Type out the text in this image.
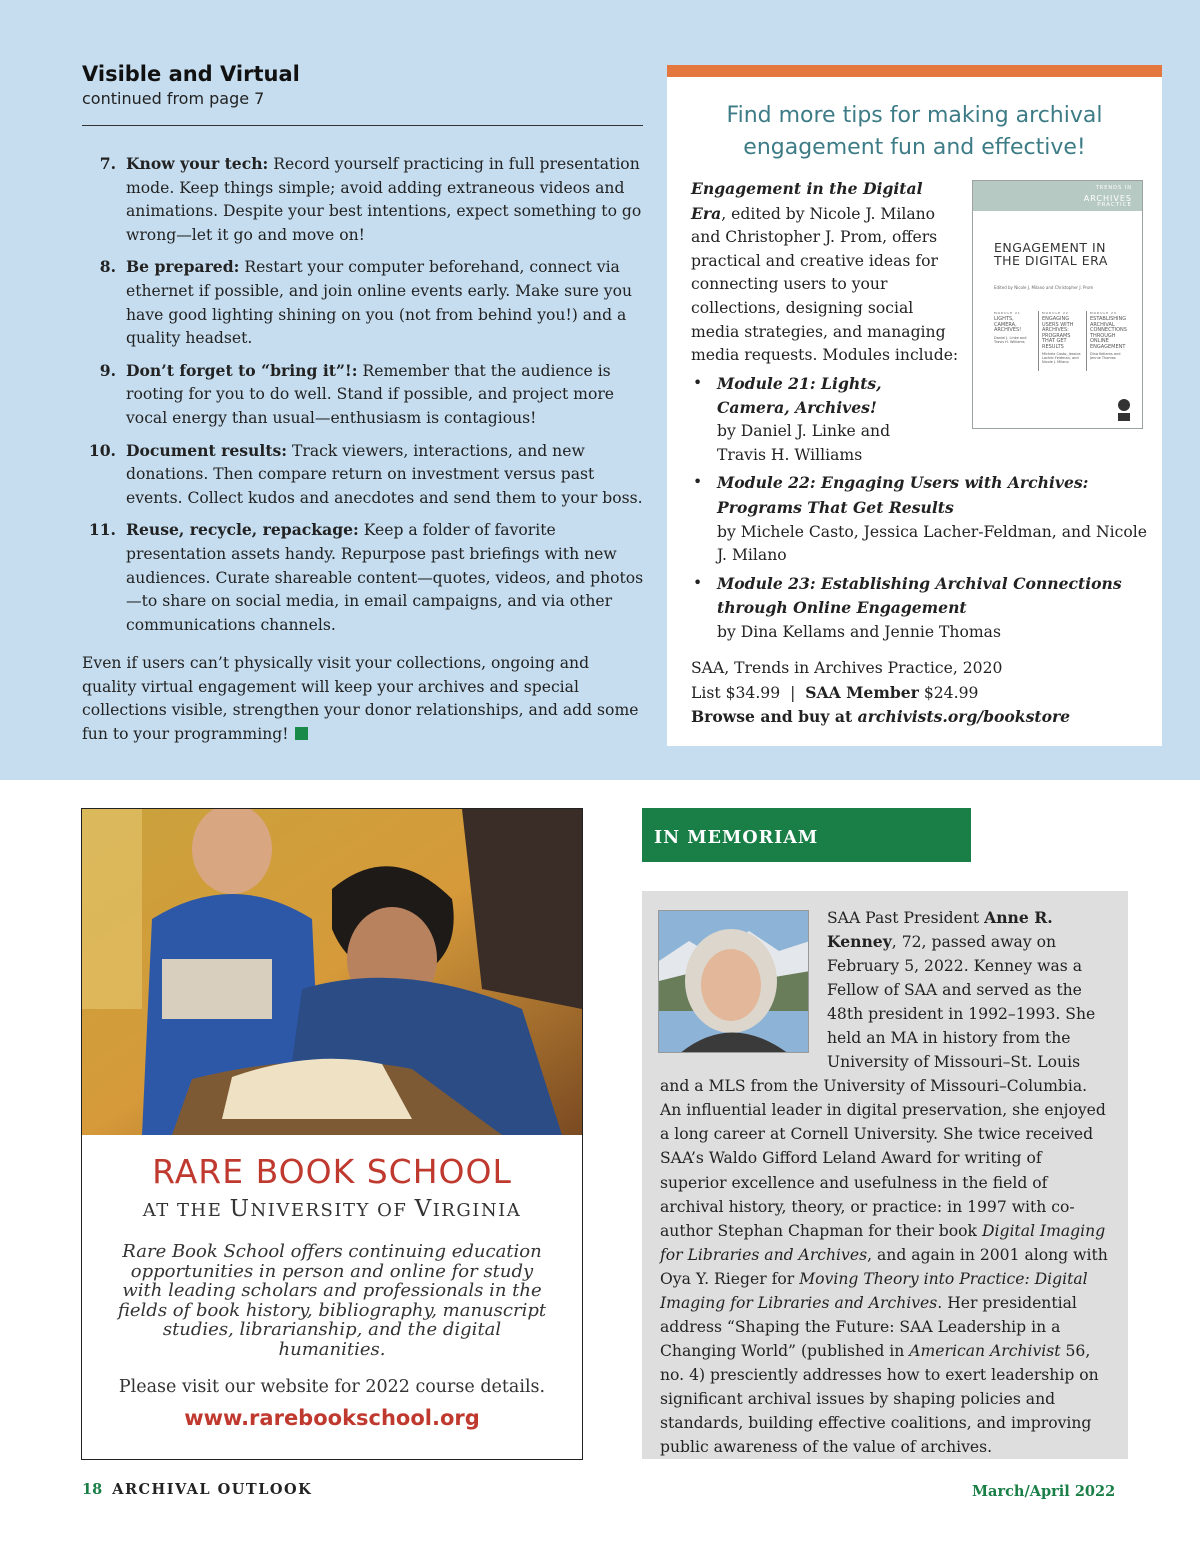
Visible and Virtual
continued from page 7
7. Know your tech: Record yourself practicing in full presentation mode. Keep things simple; avoid adding extraneous videos and animations. Despite your best intentions, expect something to go wrong—let it go and move on!
8. Be prepared: Restart your computer beforehand, connect via ethernet if possible, and join online events early. Make sure you have good lighting shining on you (not from behind you!) and a quality headset.
9. Don’t forget to “bring it”!: Remember that the audience is rooting for you to do well. Stand if possible, and project more vocal energy than usual—enthusiasm is contagious!
10. Document results: Track viewers, interactions, and new donations. Then compare return on investment versus past events. Collect kudos and anecdotes and send them to your boss.
11. Reuse, recycle, repackage: Keep a folder of favorite presentation assets handy. Repurpose past briefings with new audiences. Curate shareable content—quotes, videos, and photos—to share on social media, in email campaigns, and via other communications channels.
Even if users can’t physically visit your collections, ongoing and quality virtual engagement will keep your archives and special collections visible, strengthen your donor relationships, and add some fun to your programming!
Find more tips for making archival
engagement fun and effective!
Engagement in the Digital Era, edited by Nicole J. Milano and Christopher J. Prom, offers practical and creative ideas for connecting users to your collections, designing social media strategies, and managing media requests. Modules include:
TRENDS IN
ARCHIVES
PRACTICE
ENGAGEMENT IN THE DIGITAL ERA
Edited by Nicole J. Milano and Christopher J. Prom
MODULE 21
LIGHTS, CAMERA, ARCHIVES!
Daniel J. Linke and Travis H. Williams
MODULE 22
ENGAGING USERS WITH ARCHIVES: PROGRAMS THAT GET RESULTS
Michele Casto, Jessica Lacher-Feldman, and Nicole J. Milano
MODULE 23
ESTABLISHING ARCHIVAL CONNECTIONS THROUGH ONLINE ENGAGEMENT
Dina Kellams and Jennie Thomas
• Module 21: Lights, Camera, Archives!
by Daniel J. Linke and Travis H. Williams
• Module 22: Engaging Users with Archives: Programs That Get Results
by Michele Casto, Jessica Lacher-Feldman, and Nicole J. Milano
• Module 23: Establishing Archival Connections through Online Engagement
by Dina Kellams and Jennie Thomas
SAA, Trends in Archives Practice, 2020
List $34.99 | SAA Member $24.99
Browse and buy at archivists.org/bookstore
RARE BOOK SCHOOL
AT THE UNIVERSITY OF VIRGINIA
Rare Book School offers continuing education opportunities in person and online for study with leading scholars and professionals in the fields of book history, bibliography, manuscript studies, librarianship, and the digital humanities.
Please visit our website for 2022 course details.
www.rarebookschool.org
IN MEMORIAM
SAA Past President Anne R. Kenney, 72, passed away on February 5, 2022. Kenney was a Fellow of SAA and served as the 48th president in 1992–1993. She held an MA in history from the University of Missouri–St. Louis and a MLS from the University of Missouri–Columbia. An influential leader in digital preservation, she enjoyed a long career at Cornell University. She twice received SAA’s Waldo Gifford Leland Award for writing of superior excellence and usefulness in the field of archival history, theory, or practice: in 1997 with co-author Stephan Chapman for their book Digital Imaging for Libraries and Archives, and again in 2001 along with Oya Y. Rieger for Moving Theory into Practice: Digital Imaging for Libraries and Archives. Her presidential address “Shaping the Future: SAA Leadership in a Changing World” (published in American Archivist 56, no. 4) presciently addresses how to exert leadership on significant archival issues by shaping policies and standards, building effective coalitions, and improving public awareness of the value of archives.
18 ARCHIVAL OUTLOOK	March/April 2022
